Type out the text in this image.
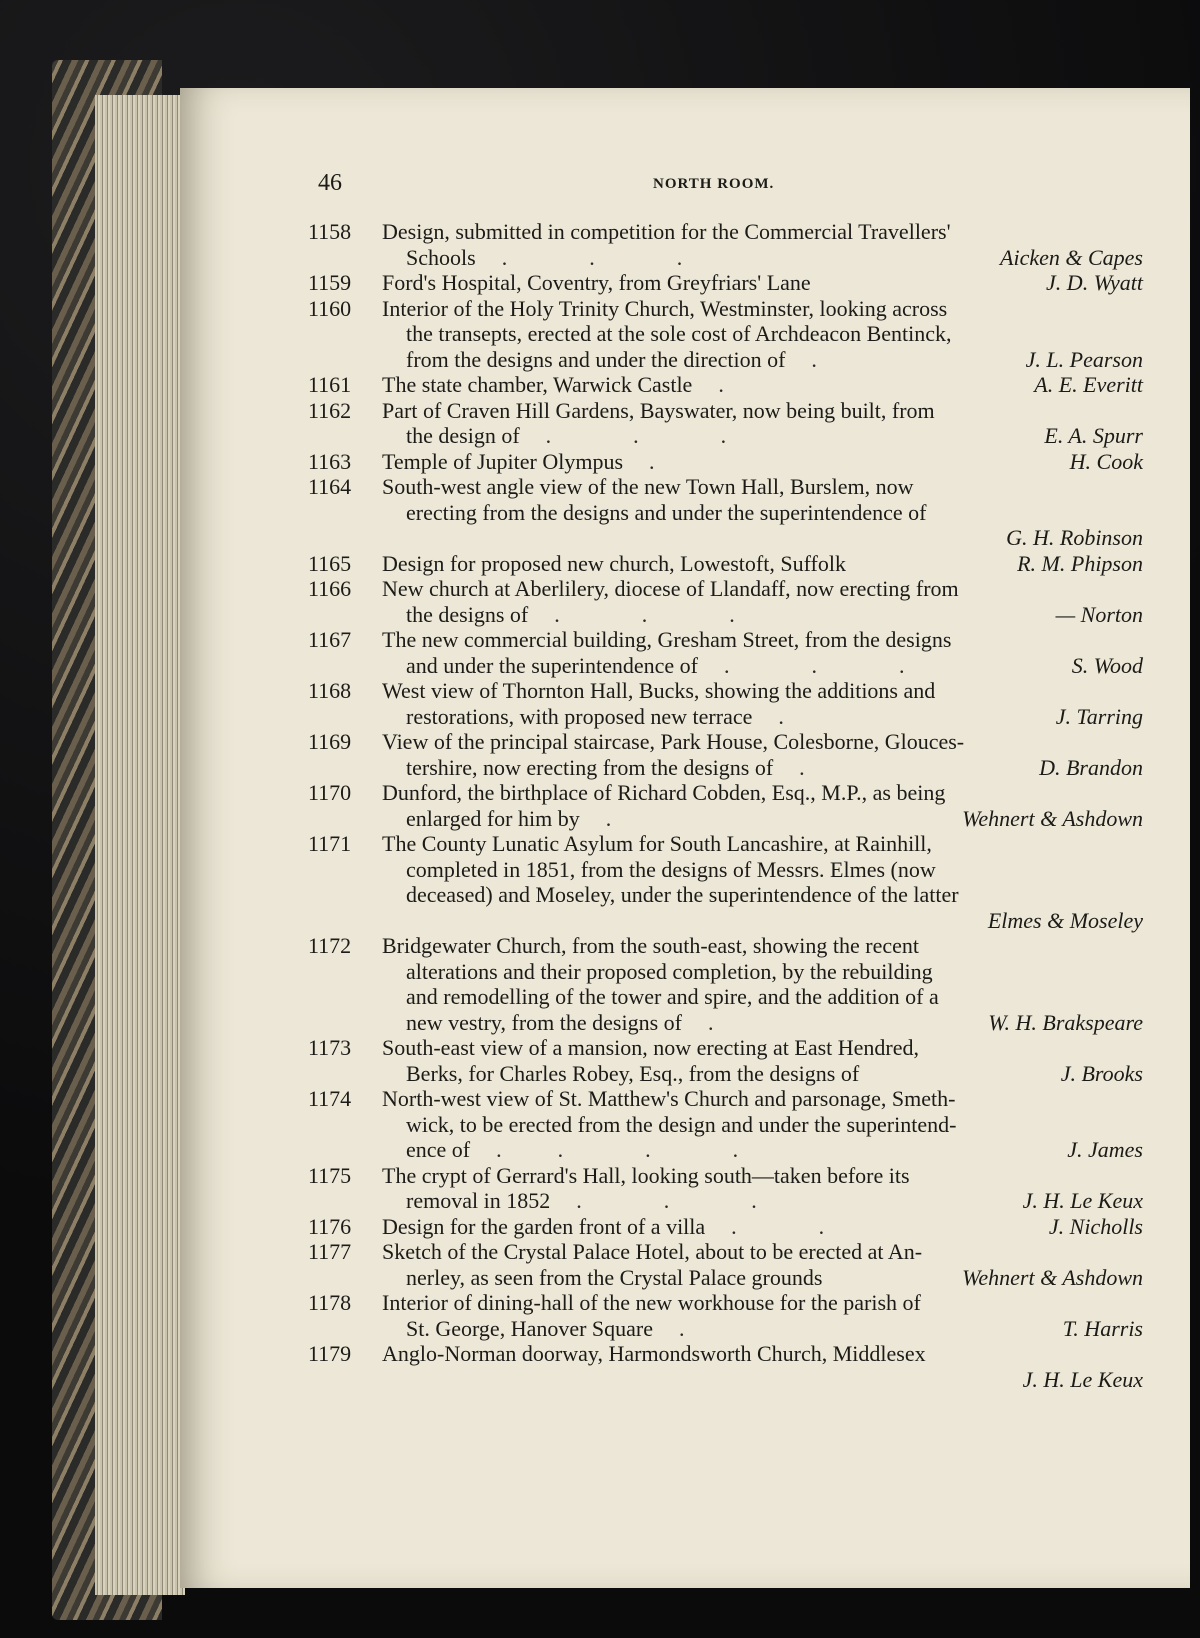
46	NORTH ROOM.
1158	Design, submitted in competition for the Commercial Travellers'
Schools .   .   .	Aicken & Capes
1159	Ford's Hospital, Coventry, from Greyfriars' Lane	J. D. Wyatt
1160	Interior of the Holy Trinity Church, Westminster, looking across
the transepts, erected at the sole cost of Archdeacon Bentinck,
from the designs and under the direction of .	J. L. Pearson
1161	The state chamber, Warwick Castle .	A. E. Everitt
1162	Part of Craven Hill Gardens, Bayswater, now being built, from
the design of .   .   .	E. A. Spurr
1163	Temple of Jupiter Olympus .	H. Cook
1164	South-west angle view of the new Town Hall, Burslem, now
erecting from the designs and under the superintendence of
G. H. Robinson
1165	Design for proposed new church, Lowestoft, Suffolk	R. M. Phipson
1166	New church at Aberlilery, diocese of Llandaff, now erecting from
the designs of .   .   .	— Norton
1167	The new commercial building, Gresham Street, from the designs
and under the superintendence of .   .   .	S. Wood
1168	West view of Thornton Hall, Bucks, showing the additions and
restorations, with proposed new terrace .	J. Tarring
1169	View of the principal staircase, Park House, Colesborne, Glouces-
tershire, now erecting from the designs of .	D. Brandon
1170	Dunford, the birthplace of Richard Cobden, Esq., M.P., as being
enlarged for him by .	Wehnert & Ashdown
1171	The County Lunatic Asylum for South Lancashire, at Rainhill,
completed in 1851, from the designs of Messrs. Elmes (now
deceased) and Moseley, under the superintendence of the latter
Elmes & Moseley
1172	Bridgewater Church, from the south-east, showing the recent
alterations and their proposed completion, by the rebuilding
and remodelling of the tower and spire, and the addition of a
new vestry, from the designs of .	W. H. Brakspeare
1173	South-east view of a mansion, now erecting at East Hendred,
Berks, for Charles Robey, Esq., from the designs of	J. Brooks
1174	North-west view of St. Matthew's Church and parsonage, Smeth-
wick, to be erected from the design and under the superintend-
ence of .  .   .   .	J. James
1175	The crypt of Gerrard's Hall, looking south—taken before its
removal in 1852 .   .   .	J. H. Le Keux
1176	Design for the garden front of a villa .   .	J. Nicholls
1177	Sketch of the Crystal Palace Hotel, about to be erected at An-
nerley, as seen from the Crystal Palace grounds	Wehnert & Ashdown
1178	Interior of dining-hall of the new workhouse for the parish of
St. George, Hanover Square .	T. Harris
1179	Anglo-Norman doorway, Harmondsworth Church, Middlesex
J. H. Le Keux
